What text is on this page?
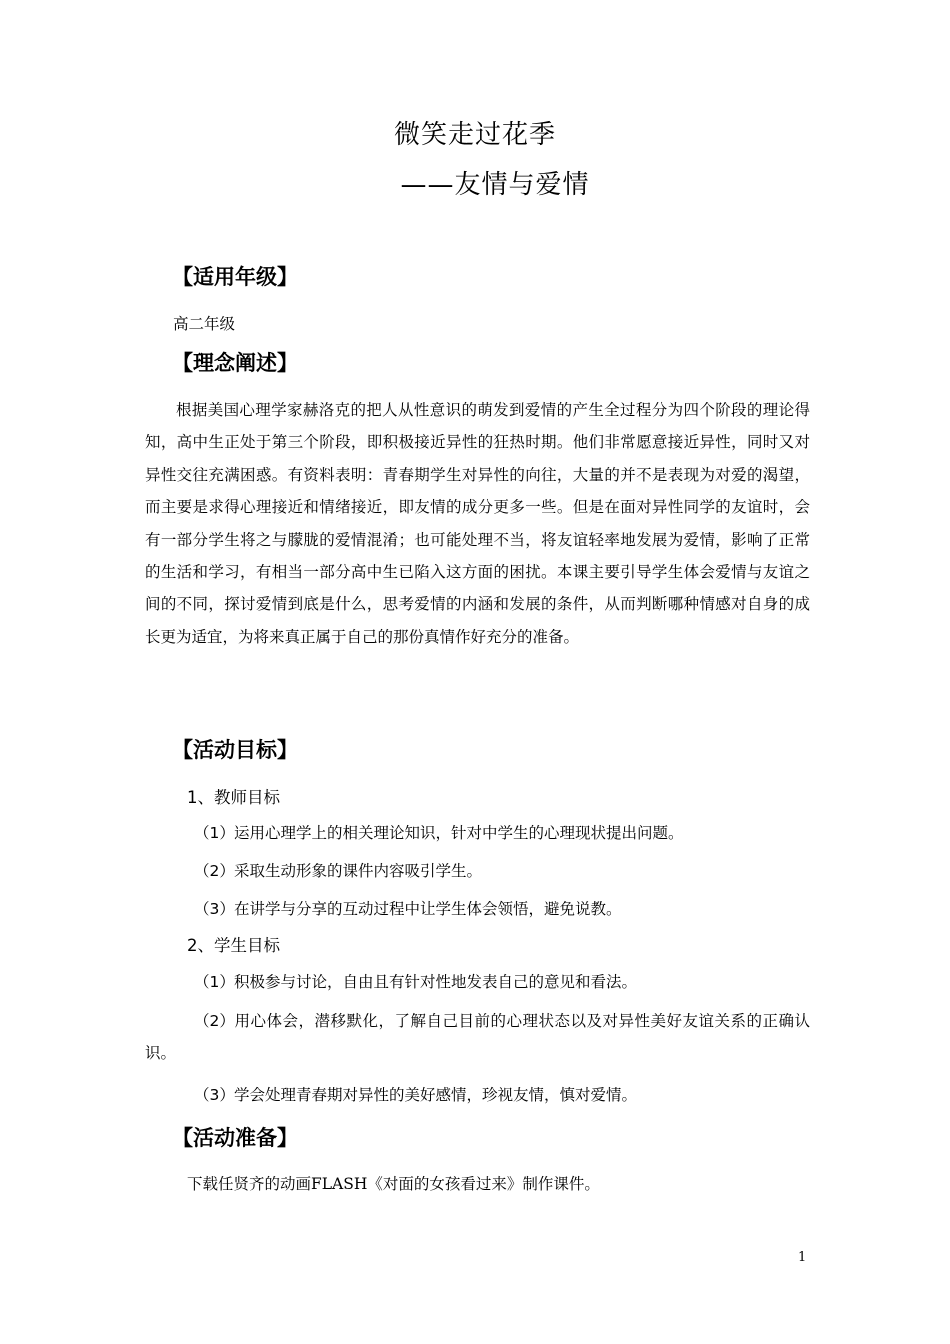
微笑走过花季
——友情与爱情
【适用年级】
高二年级
【理念阐述】
根据美国心理学家赫洛克的把人从性意识的萌发到爱情的产生全过程分为四个阶段的理论得知，高中生正处于第三个阶段，即积极接近异性的狂热时期。他们非常愿意接近异性，同时又对异性交往充满困惑。有资料表明：青春期学生对异性的向往，大量的并不是表现为对爱的渴望，而主要是求得心理接近和情绪接近，即友情的成分更多一些。但是在面对异性同学的友谊时，会有一部分学生将之与朦胧的爱情混淆；也可能处理不当，将友谊轻率地发展为爱情，影响了正常的生活和学习，有相当一部分高中生已陷入这方面的困扰。本课主要引导学生体会爱情与友谊之间的不同，探讨爱情到底是什么，思考爱情的内涵和发展的条件，从而判断哪种情感对自身的成长更为适宜，为将来真正属于自己的那份真情作好充分的准备。
【活动目标】
1、教师目标
（1）运用心理学上的相关理论知识，针对中学生的心理现状提出问题。
（2）采取生动形象的课件内容吸引学生。
（3）在讲学与分享的互动过程中让学生体会领悟，避免说教。
2、学生目标
（1）积极参与讨论，自由且有针对性地发表自己的意见和看法。
（2）用心体会，潜移默化，了解自己目前的心理状态以及对异性美好友谊关系的正确认识。
（3）学会处理青春期对异性的美好感情，珍视友情，慎对爱情。
【活动准备】
下载任贤齐的动画FLASH《对面的女孩看过来》制作课件。
1
